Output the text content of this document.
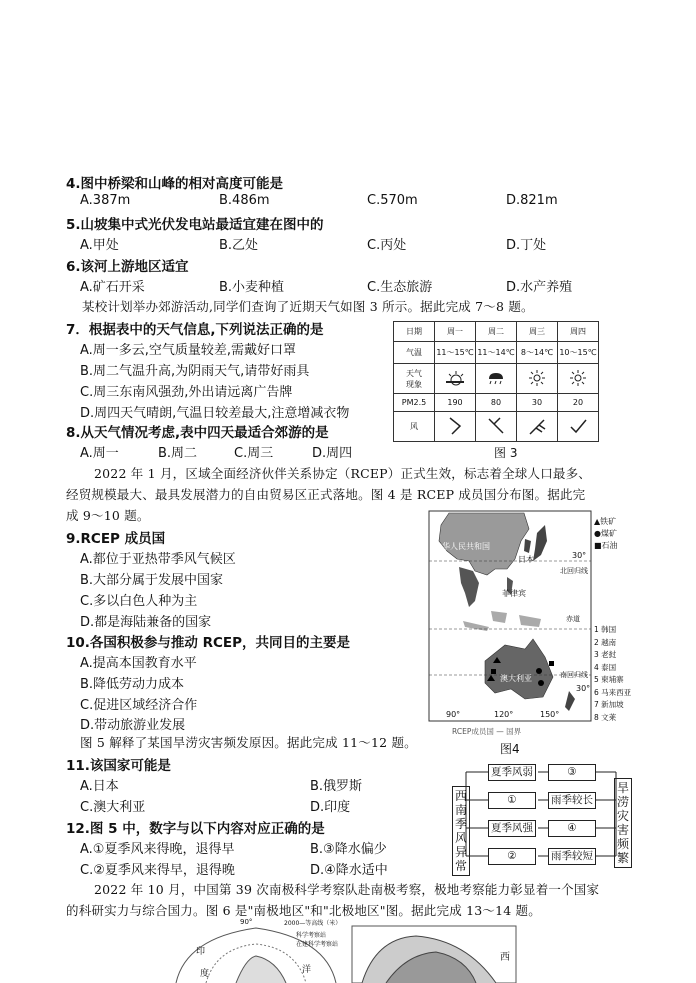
4.图中桥梁和山峰的相对高度可能是
A.387m	B.486m	C.570m	D.821m
5.山坡集中式光伏发电站最适宜建在图中的
A.甲处	B.乙处	C.丙处	D.丁处
6.该河上游地区适宜
A.矿石开采	B.小麦种植	C.生态旅游	D.水产养殖
某校计划举办郊游活动,同学们查询了近期天气如图 3 所示。据此完成 7～8 题。
7．根据表中的天气信息,下列说法正确的是
A.周一多云,空气质量较差,需戴好口罩
B.周二气温升高,为阴雨天气,请带好雨具
C.周三东南风强劲,外出请远离广告牌
D.周四天气晴朗,气温日较差最大,注意增减衣物
8.从天气情况考虑,表中四天最适合郊游的是
A.周一	B.周二	C.周三	D.周四
日期	周一	周二	周三	周四
气温	11～15℃	11～14℃	8～14℃	10～15℃
天气
现象				
PM2.5	190	80	30	20
风				
图 3
2022 年 1 月，区域全面经济伙伴关系协定（RCEP）正式生效，标志着全球人口最多、
经贸规模最大、最具发展潜力的自由贸易区正式落地。图 4 是 RCEP 成员国分布图。据此完
成 9～10 题。
9.RCEP 成员国
A.都位于亚热带季风气候区
B.大部分属于发展中国家
C.多以白色人种为主
D.都是海陆兼备的国家
10.各国积极参与推动 RCEP，共同目的主要是
A.提高本国教育水平
B.降低劳动力成本
C.促进区域经济合作
D.带动旅游业发展
中华人民共和国
日本
北回归线
菲律宾
赤道
南回归线
澳大利亚
30°
30°
90°	120°	150°
▲铁矿
●煤矿
■石油
1 韩国
2 越南
3 老挝
4 泰国
5 柬埔寨
6 马来西亚
7 新加坡
8 文莱
RCEP成员国 — 国界
图4
图 5 解释了某国旱涝灾害频发原因。据此完成 11～12 题。
11.该国家可能是
A.日本	B.俄罗斯
C.澳大利亚	D.印度
12.图 5 中，数字与以下内容对应正确的是
A.①夏季风来得晚，退得早	B.③降水偏少
C.②夏季风来得早，退得晚	D.④降水适中
西南季风异常
旱涝灾害频繁
夏季风弱	③
①	雨季较长
夏季风强	④
②	雨季较短
2022 年 10 月，中国第 39 次南极科学考察队赴南极考察，极地考察能力彰显着一个国家
的科研实力与综合国力。图 6 是"南极地区"和"北极地区"图。据此完成 13～14 题。
90°
印
度
科学考察站
在建科学考察站
2000—等高线（米）
洋
西
